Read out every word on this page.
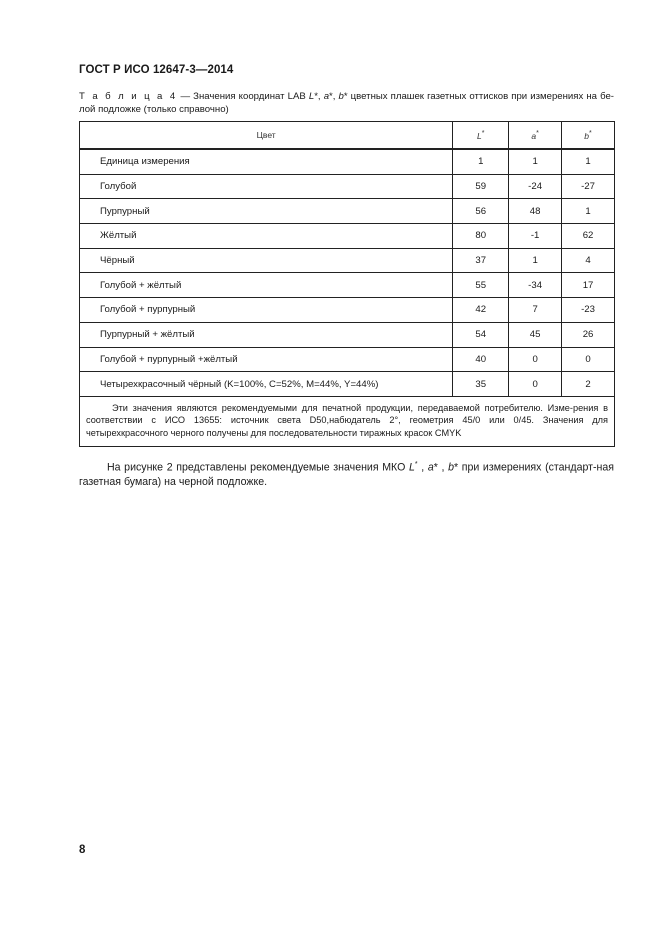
ГОСТ Р ИСО 12647-3—2014
Т а б л и ц а 4 — Значения координат LAB L*, a*, b* цветных плашек газетных оттисков при измерениях на бе-лой подложке (только справочно)
Цвет	L*	a*	b*
Единица измерения	1	1	1
Голубой	59	-24	-27
Пурпурный	56	48	1
Жёлтый	80	-1	62
Чёрный	37	1	4
Голубой + жёлтый	55	-34	17
Голубой + пурпурный	42	7	-23
Пурпурный + жёлтый	54	45	26
Голубой + пурпурный +жёлтый	40	0	0
Четырехкрасочный чёрный (K=100%, C=52%, M=44%, Y=44%)	35	0	2

Эти значения являются рекомендуемыми для печатной продукции, передаваемой потребителю. Изме-рения в соответствии с ИСО 13655: источник света D50,набюдатель 2°, геометрия 45/0 или 0/45. Значения для четырехкрасочного черного получены для последовательности тиражных красок CMYK			
На рисунке 2 представлены рекомендуемые значения МКО L* , a* , b* при измерениях (стандарт-ная газетная бумага) на черной подложке.
8
